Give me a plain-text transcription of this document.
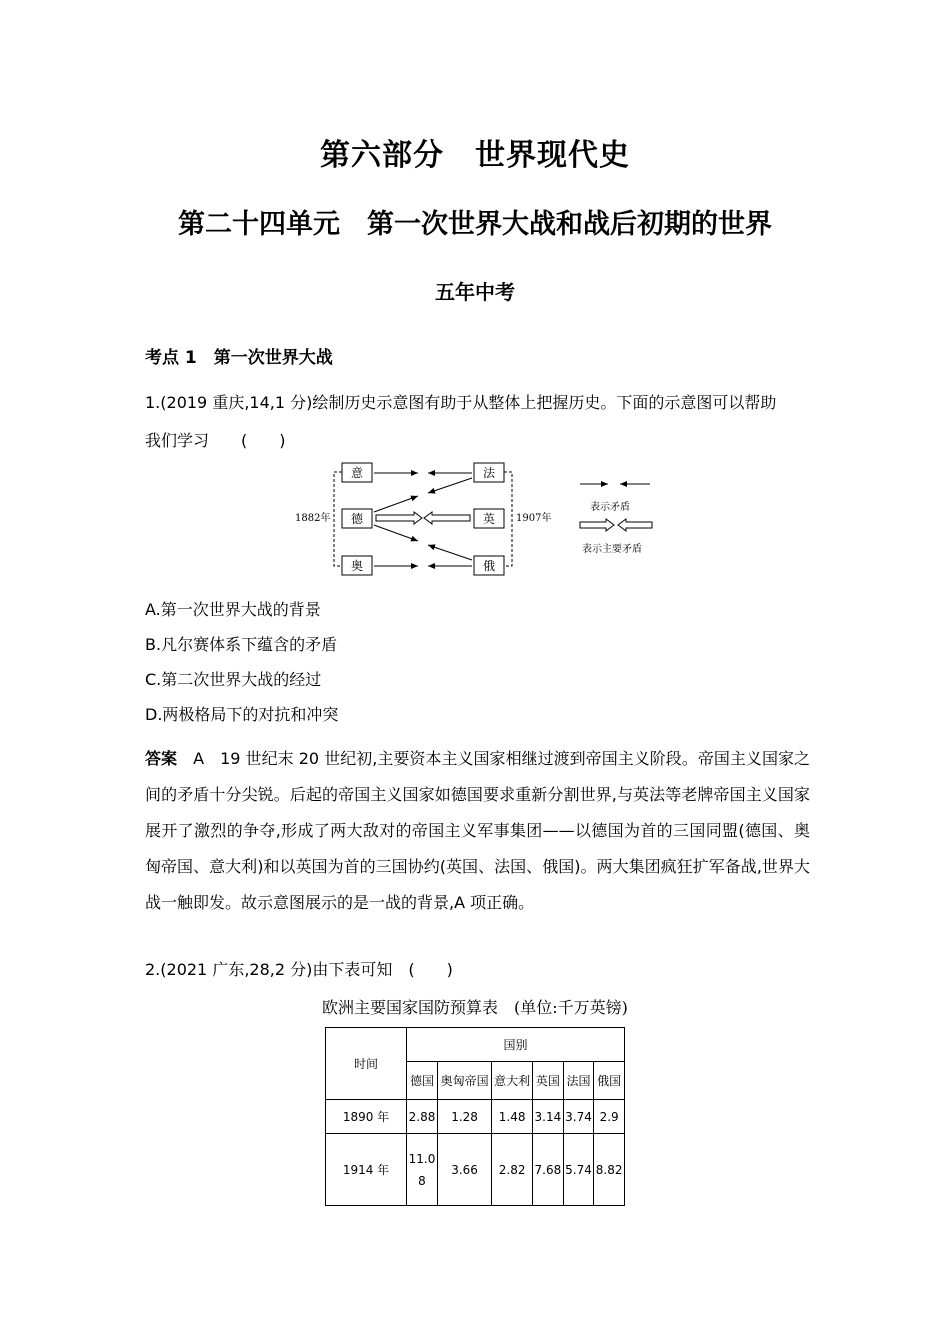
第六部分　世界现代史
第二十四单元　第一次世界大战和战后初期的世界
五年中考
考点 1　第一次世界大战
1.(2019 重庆,14,1 分)绘制历史示意图有助于从整体上把握历史。下面的示意图可以帮助
我们学习　　(　　)
1882年	1907年
意
德
奥
法
英
俄
表示矛盾
表示主要矛盾
A.第一次世界大战的背景
B.凡尔赛体系下蕴含的矛盾
C.第二次世界大战的经过
D.两极格局下的对抗和冲突
答案　A　19 世纪末 20 世纪初,主要资本主义国家相继过渡到帝国主义阶段。帝国主义国家之间的矛盾十分尖锐。后起的帝国主义国家如德国要求重新分割世界,与英法等老牌帝国主义国家展开了激烈的争夺,形成了两大敌对的帝国主义军事集团——以德国为首的三国同盟(德国、奥匈帝国、意大利)和以英国为首的三国协约(英国、法国、俄国)。两大集团疯狂扩军备战,世界大战一触即发。故示意图展示的是一战的背景,A 项正确。
2.(2021 广东,28,2 分)由下表可知　(　　)
欧洲主要国家国防预算表　(单位:千万英镑)
时间	国别					
	德国	奥匈帝国	意大利	英国	法国	俄国
1890 年	2.88	1.28	1.48	3.14	3.74	2.9
1914 年	11.08	3.66	2.82	7.68	5.74	8.82
